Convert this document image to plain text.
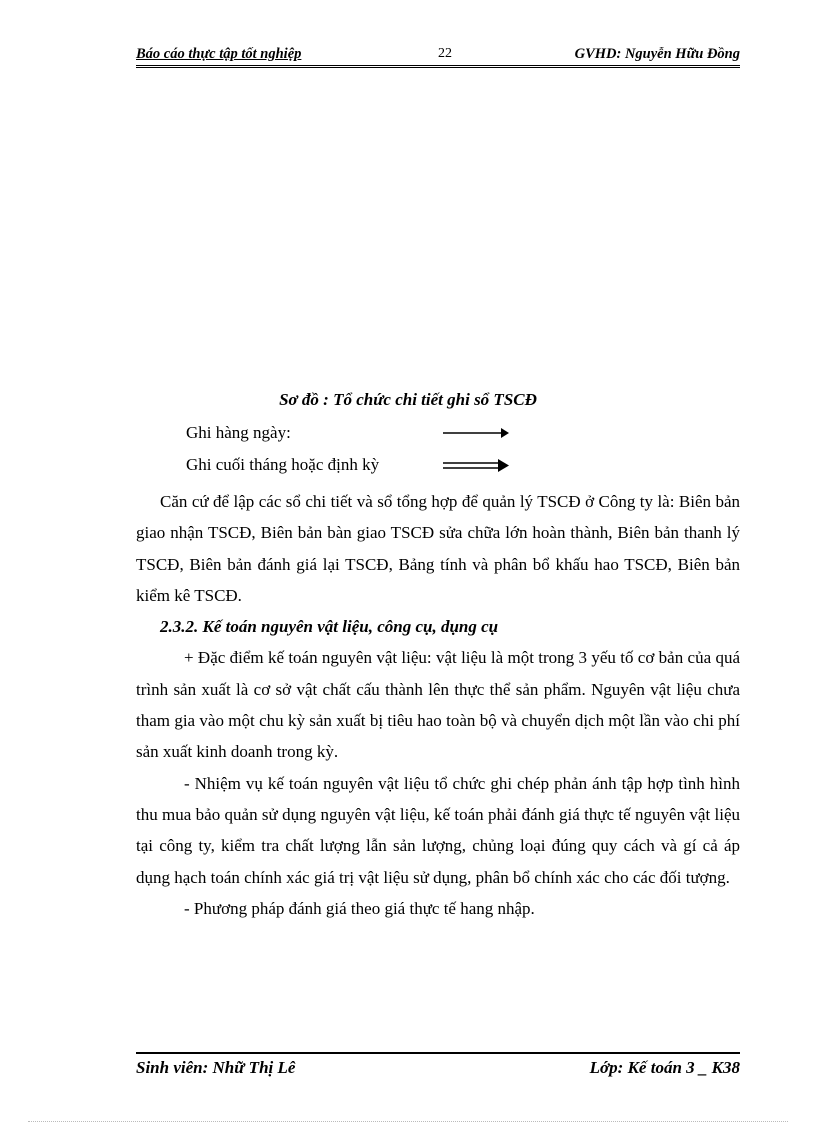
Báo cáo thực tập tốt nghiệp	22	GVHD: Nguyễn Hữu Đồng
Sơ đồ : Tổ chức chi tiết ghi sổ TSCĐ
Ghi hàng ngày:
Ghi cuối tháng hoặc định kỳ

Căn cứ để lập các sổ chi tiết và sổ tổng hợp để quản lý TSCĐ ở Công ty là: Biên bản giao nhận TSCĐ, Biên bản bàn giao TSCĐ sửa chữa lớn hoàn thành, Biên bản thanh lý TSCĐ, Biên bản đánh giá lại TSCĐ, Bảng tính và phân bổ khấu hao TSCĐ, Biên bản kiểm kê TSCĐ.

2.3.2. Kế toán nguyên vật liệu, công cụ, dụng cụ

+ Đặc điểm kế toán nguyên vật liệu: vật liệu là một trong 3 yếu tố cơ bản của quá trình sản xuất là cơ sở vật chất cấu thành lên thực thể sản phẩm. Nguyên vật liệu chưa tham gia vào một chu kỳ sản xuất bị tiêu hao toàn bộ và chuyển dịch một lần vào chi phí sản xuất kinh doanh trong kỳ.

- Nhiệm vụ kế toán nguyên vật liệu tổ chức ghi chép phản ánh tập hợp tình hình thu mua bảo quản sử dụng nguyên vật liệu, kế toán phải đánh giá thực tế nguyên vật liệu tại công ty, kiểm tra chất lượng lẫn sản lượng, chủng loại đúng quy cách và gí cả áp dụng hạch toán chính xác giá trị vật liệu sử dụng, phân bổ chính xác cho các đối tượng.

- Phương pháp đánh giá theo giá thực tế hang nhập.

Sinh viên: Nhữ Thị Lê	Lớp: Kế toán 3 _ K38
